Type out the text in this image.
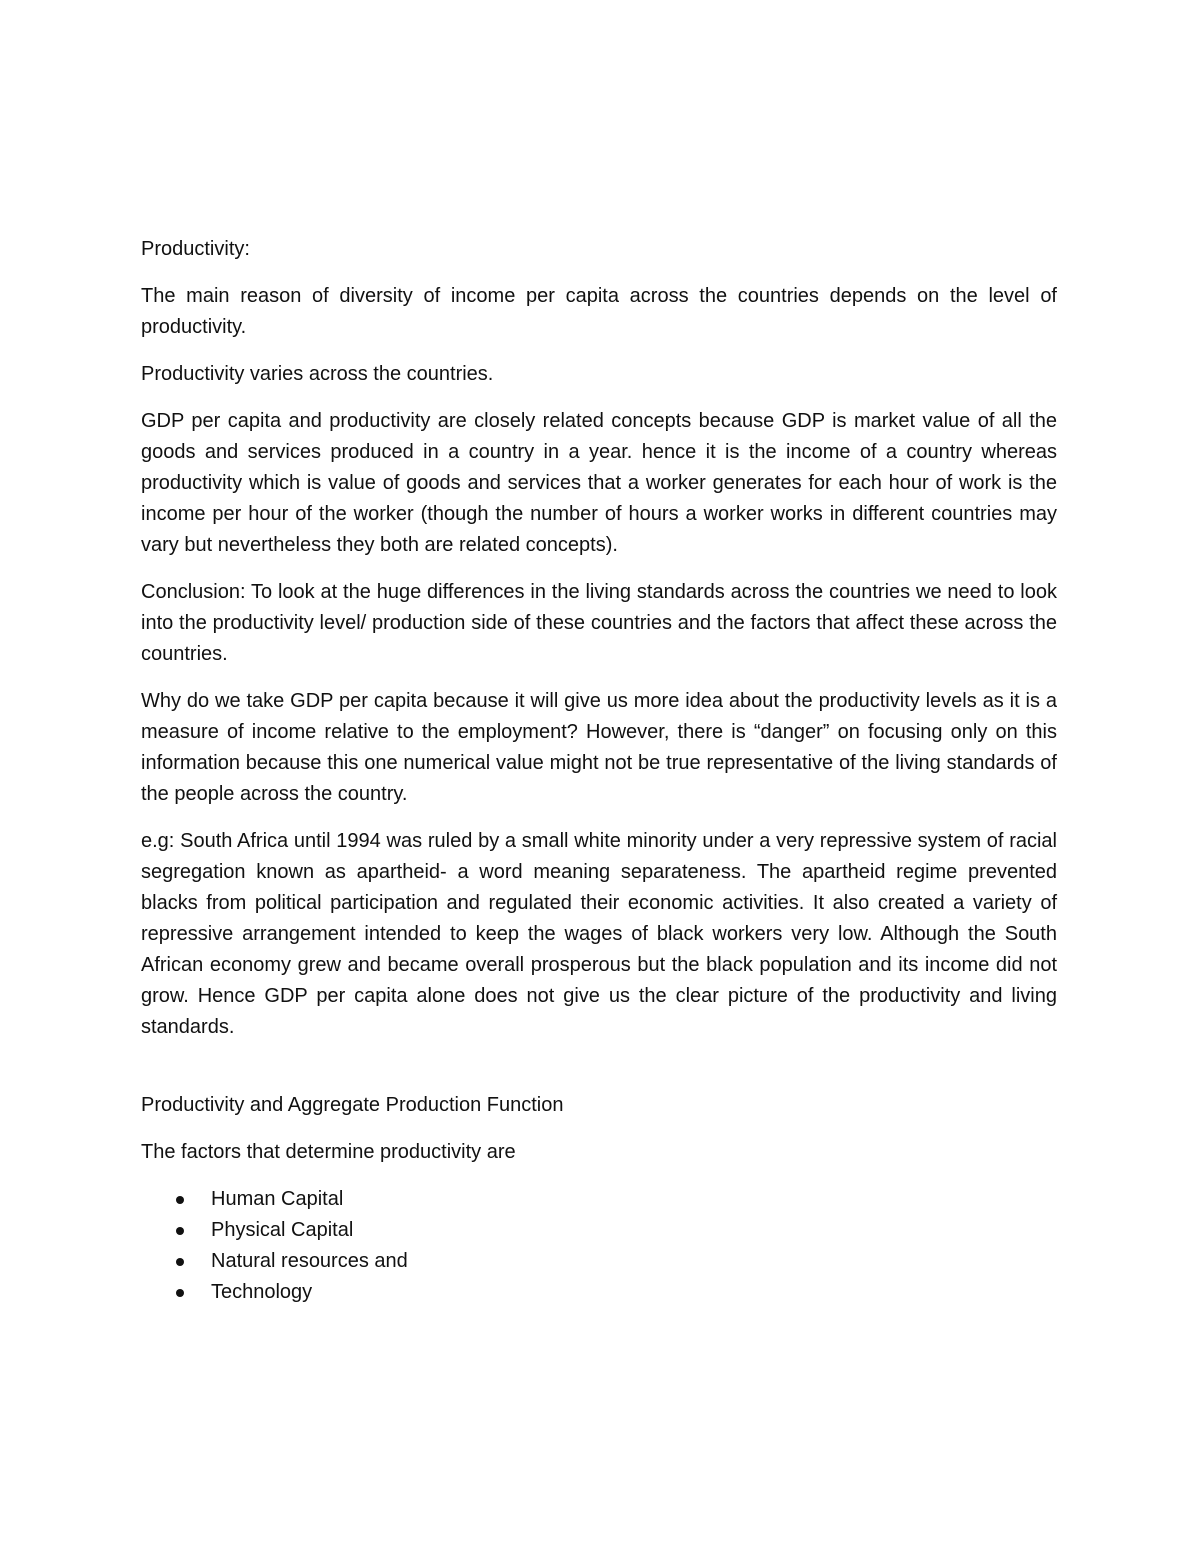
Productivity:

The main reason of diversity of income per capita across the countries depends on the level of productivity.

Productivity varies across the countries.

GDP per capita and productivity are closely related concepts because GDP is market value of all the goods and services produced in a country in a year. hence it is the income of a country whereas productivity which is value of goods and services that a worker generates for each hour of work is the income per hour of the worker (though the number of hours a worker works in different countries may vary but nevertheless they both are related concepts).

Conclusion: To look at the huge differences in the living standards across the countries we need to look into the productivity level/ production side of these countries and the factors that affect these across the countries.

Why do we take GDP per capita because it will give us more idea about the productivity levels as it is a measure of income relative to the employment? However, there is “danger” on focusing only on this information because this one numerical value might not be true representative of the living standards of the people across the country.

e.g: South Africa until 1994 was ruled by a small white minority under a very repressive system of racial segregation known as apartheid- a word meaning separateness. The apartheid regime prevented blacks from political participation and regulated their economic activities. It also created a variety of repressive arrangement intended to keep the wages of black workers very low. Although the South African economy grew and became overall prosperous but the black population and its income did not grow. Hence GDP per capita alone does not give us the clear picture of the productivity and living standards.

Productivity and Aggregate Production Function

The factors that determine productivity are

Human Capital
Physical Capital
Natural resources and
Technology
